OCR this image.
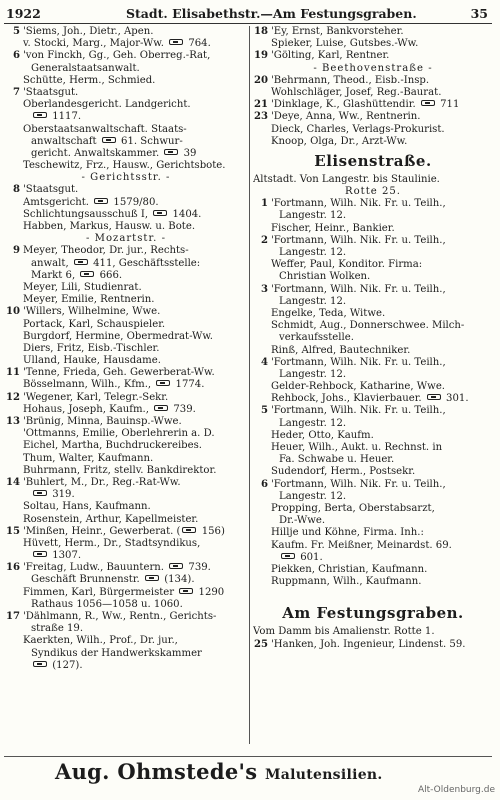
1922	Stadt. Elisabethstr.—Am Festungsgraben.	35
5 'Siems, Joh., Dietr., Apen.
v. Stocki, Marg., Major-Ww.  764.
6 'von Finckh, Gg., Geh. Oberreg.-Rat,
Generalstaatsanwalt.
Schütte, Herm., Schmied.
7 'Staatsgut.
Oberlandesgericht. Landgericht.
1117.
Oberstaatsanwaltschaft. Staats-
anwaltschaft  61. Schwur-
gericht. Anwaltskammer.  39
Teschewitz, Frz., Hausw., Gerichtsbote.
- Gerichtsstr. -
8 'Staatsgut.
Amtsgericht.  1579/80.
Schlichtungsausschuß I,  1404.
Habben, Markus, Hausw. u. Bote.
- Mozartstr. -
9 Meyer, Theodor, Dr. jur., Rechts-
anwalt,  411, Geschäftsstelle:
Markt 6,  666.
Meyer, Lili, Studienrat.
Meyer, Emilie, Rentnerin.
10 'Willers, Wilhelmine, Wwe.
Portack, Karl, Schauspieler.
Burgdorf, Hermine, Obermedrat-Ww.
Diers, Fritz, Eisb.-Tischler.
Ulland, Hauke, Hausdame.
11 'Tenne, Frieda, Geh. Gewerberat-Ww.
Bösselmann, Wilh., Kfm.,  1774.
12 'Wegener, Karl, Telegr.-Sekr.
Hohaus, Joseph, Kaufm.,  739.
13 'Brünig, Minna, Bauinsp.-Wwe.
'Ottmanns, Emilie, Oberlehrerin a. D.
Eichel, Martha, Buchdruckereibes.
Thum, Walter, Kaufmann.
Buhrmann, Fritz, stellv. Bankdirektor.
14 'Buhlert, M., Dr., Reg.-Rat-Ww.
319.
Soltau, Hans, Kaufmann.
Rosenstein, Arthur, Kapellmeister.
15 'Minßen, Heinr., Gewerberat. ( 156)
Hüvett, Herm., Dr., Stadtsyndikus,
1307.
16 'Freitag, Ludw., Bauuntern.  739.
Geschäft Brunnenstr.  (134).
Fimmen, Karl, Bürgermeister  1290
Rathaus 1056—1058 u. 1060.
17 'Dählmann, R., Ww., Rentn., Gerichts-
straße 19.
Kaerkten, Wilh., Prof., Dr. jur.,
Syndikus der Handwerkskammer
(127).
18 'Ey, Ernst, Bankvorsteher.
Spieker, Luise, Gutsbes.-Ww.
19 'Gölting, Karl, Rentner.
- Beethovenstraße -
20 'Behrmann, Theod., Eisb.-Insp.
Wohlschläger, Josef, Reg.-Baurat.
21 'Dinklage, K., Glashüttendir.  711
23 'Deye, Anna, Ww., Rentnerin.
Dieck, Charles, Verlags-Prokurist.
Knoop, Olga, Dr., Arzt-Ww.
Elisenstraße.
Altstadt. Von Langestr. bis Staulinie.
Rotte 25.
1 'Fortmann, Wilh. Nik. Fr. u. Teilh.,
Langestr. 12.
Fischer, Heinr., Bankier.
2 'Fortmann, Wilh. Nik. Fr. u. Teilh.,
Langestr. 12.
Weffer, Paul, Konditor. Firma:
Christian Wolken.
3 'Fortmann, Wilh. Nik. Fr. u. Teilh.,
Langestr. 12.
Engelke, Teda, Witwe.
Schmidt, Aug., Donnerschwee. Milch-
verkaufsstelle.
Rinß, Alfred, Bautechniker.
4 'Fortmann, Wilh. Nik. Fr. u. Teilh.,
Langestr. 12.
Gelder-Rehbock, Katharine, Wwe.
Rehbock, Johs., Klavierbauer.  301.
5 'Fortmann, Wilh. Nik. Fr. u. Teilh.,
Langestr. 12.
Heder, Otto, Kaufm.
Heuer, Wilh., Aukt. u. Rechnst. in
Fa. Schwabe u. Heuer.
Sudendorf, Herm., Postsekr.
6 'Fortmann, Wilh. Nik. Fr. u. Teilh.,
Langestr. 12.
Propping, Berta, Oberstabsarzt,
Dr.-Wwe.
Hillje und Köhne, Firma. Inh.:
Kaufm. Fr. Meißner, Meinardst. 69.
601.
Piekken, Christian, Kaufmann.
Ruppmann, Wilh., Kaufmann.
Am Festungsgraben.
Vom Damm bis Amalienstr. Rotte 1.
25 'Hanken, Joh. Ingenieur, Lindenst. 59.
Aug. Ohmstede's Malutensilien.
Alt-Oldenburg.de
